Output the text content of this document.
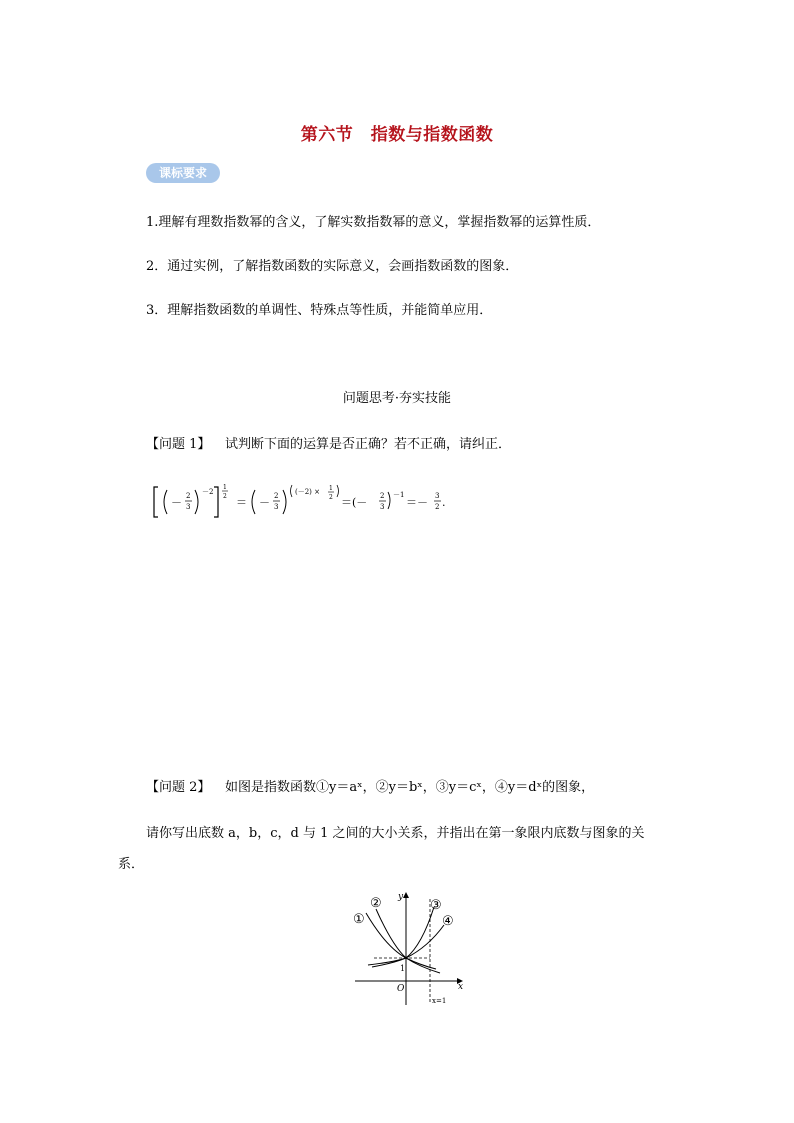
第六节　指数与指数函数
课标要求
1.理解有理数指数幂的含义，了解实数指数幂的意义，掌握指数幂的运算性质．
2．通过实例，了解指数函数的实际意义，会画指数函数的图象．
3．理解指数函数的单调性、特殊点等性质，并能简单应用．
问题思考·夯实技能
【问题 1】 试判断下面的运算是否正确？若不正确，请纠正．
－ 2
3
－2
1
2 ＝ － 2
3
(－2) × 1
2 ＝(－ 2
3
－1
＝－ 3
2 .
【问题 2】 如图是指数函数①y＝aˣ，②y＝bˣ，③y＝cˣ，④y＝dˣ的图象，
请你写出底数 a，b，c，d 与 1 之间的大小关系，并指出在第一象限内底数与图象的关
系．
①
②	③
④
y
x
O
1
x=1
